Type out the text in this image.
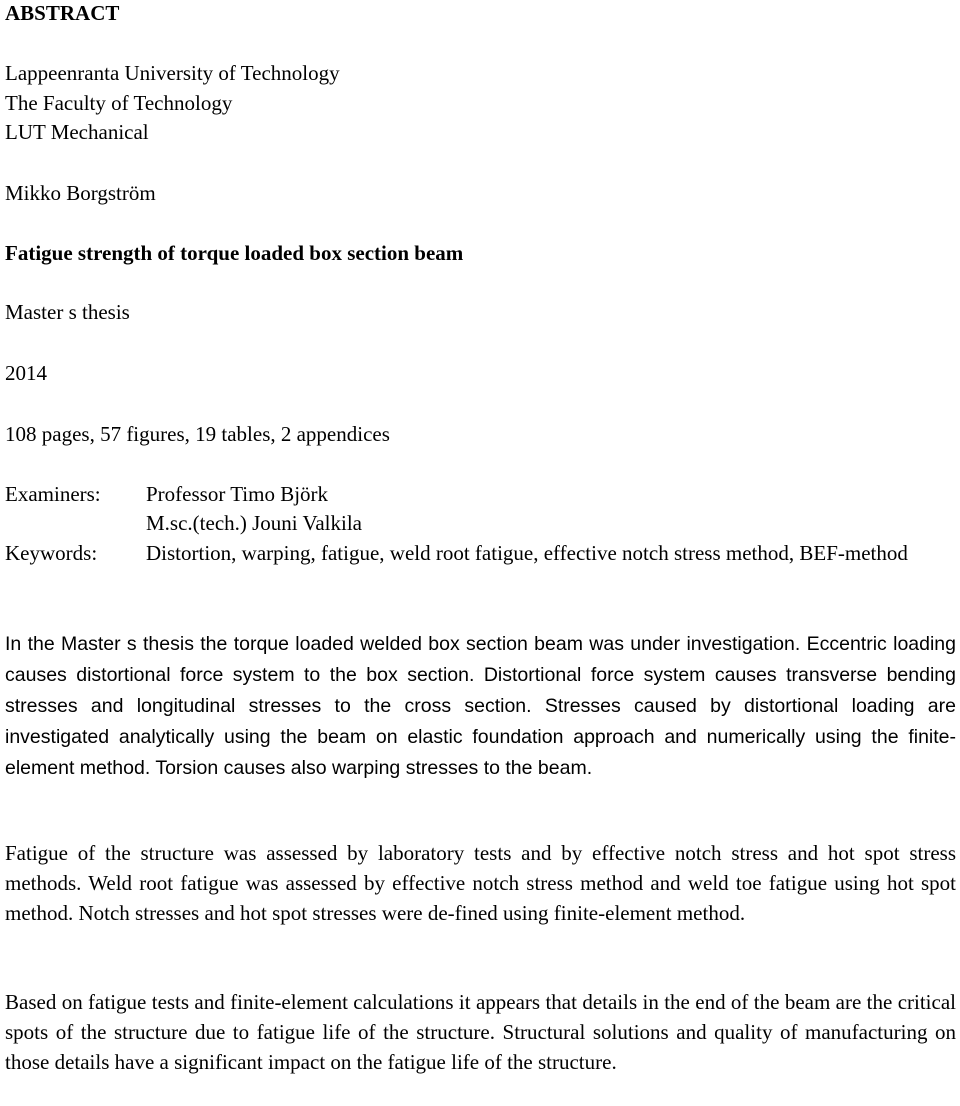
ABSTRACT
Lappeenranta University of Technology
The Faculty of Technology
LUT Mechanical
Mikko Borgström
Fatigue strength of torque loaded box section beam
Master s thesis
2014
108 pages, 57 figures, 19 tables, 2 appendices
Examiners: Professor Timo Björk
M.sc.(tech.) Jouni Valkila
Keywords: Distortion, warping, fatigue, weld root fatigue, effective notch stress method, BEF-method
In the Master s thesis the torque loaded welded box section beam was under investigation. Eccentric loading causes distortional force system to the box section. Distortional force system causes transverse bending stresses and longitudinal stresses to the cross section. Stresses caused by distortional loading are investigated analytically using the beam on elastic foundation approach and numerically using the finite-element method. Torsion causes also warping stresses to the beam.
Fatigue of the structure was assessed by laboratory tests and by effective notch stress and hot spot stress methods. Weld root fatigue was assessed by effective notch stress method and weld toe fatigue using hot spot method. Notch stresses and hot spot stresses were de-fined using finite-element method.
Based on fatigue tests and finite-element calculations it appears that details in the end of the beam are the critical spots of the structure due to fatigue life of the structure. Structural solutions and quality of manufacturing on those details have a significant impact on the fatigue life of the structure.
